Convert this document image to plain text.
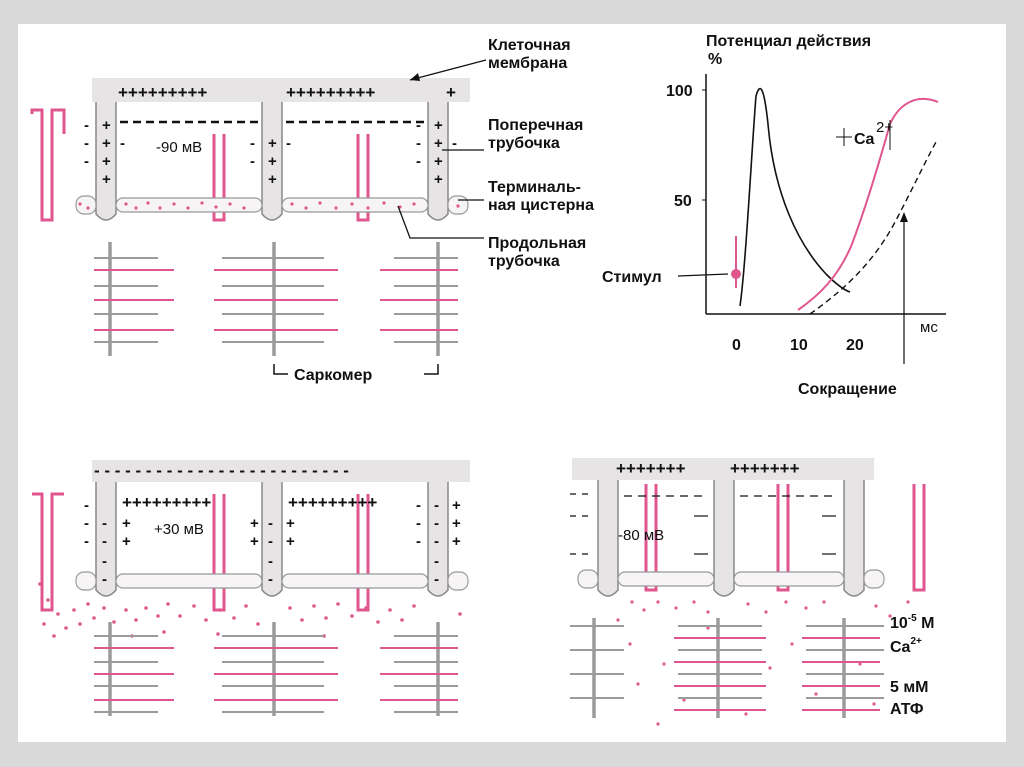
+++++++++	+++++++++	+
- +
- + -
- +
+
- + -
- +
+
- +
- + -
- +
+
-90 мВ
Саркомер
Клеточная
мембрана
Поперечная
трубочка
Терминаль-
ная цистерна
Продольная
трубочка
Потенциал действия
%
100
50
0	10 20
мс
Стимул
Ca
2+
Сокращение
- - - - - - - - - - - - - - - - - - - - - - - - -
+++++++++	+++++++++
-
- - +
- - +
-
-
+ - +
+ - +
-
-
- - +
- - +
- - +
-
-
+30 мВ
+++++++	+++++++
-80 мВ
$10^{-5}$ М
$Ca^{2+}$
5 мМ
АТФ
